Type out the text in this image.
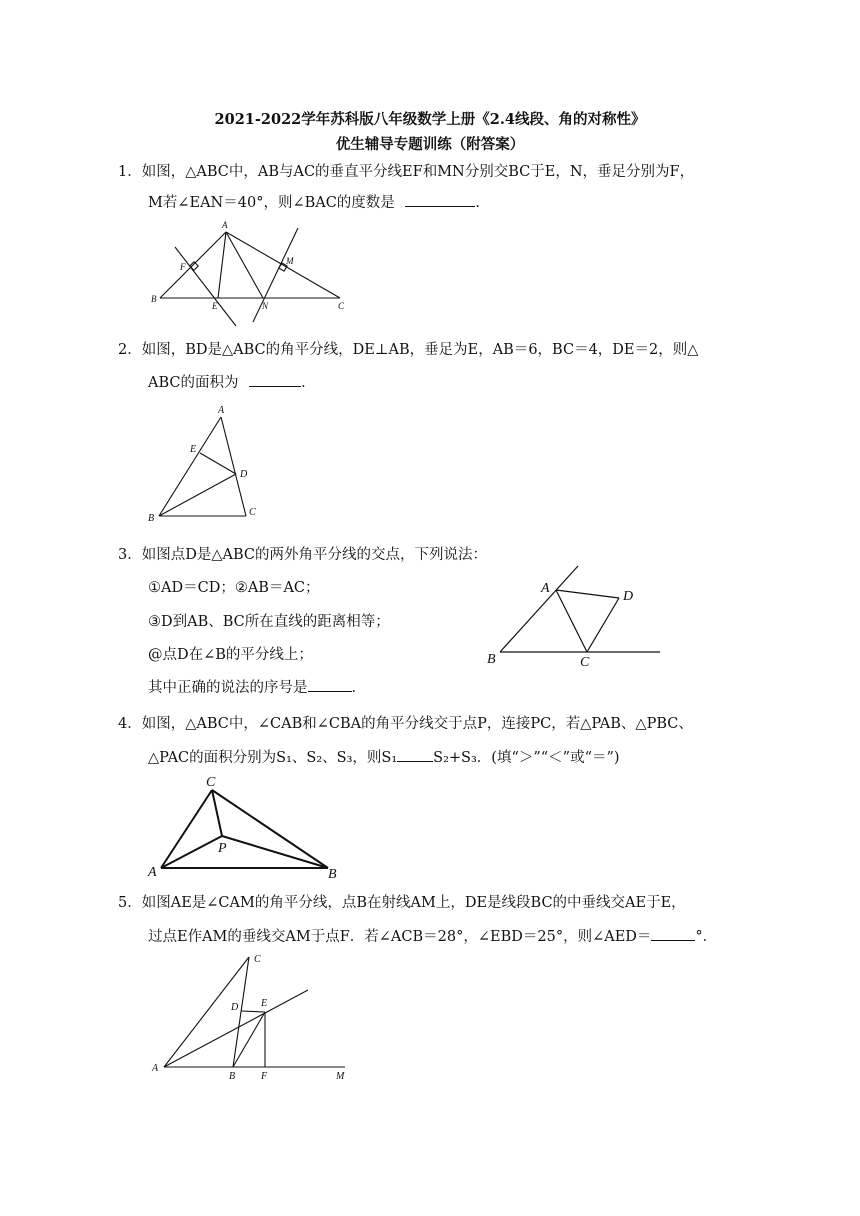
2021-2022学年苏科版八年级数学上册《2.4线段、角的对称性》
优生辅导专题训练（附答案）
1．如图，△ABC中，AB与AC的垂直平分线EF和MN分别交BC于E，N，垂足分别为F，
M若∠EAN＝40°，则∠BAC的度数是	．
A
B
C
E
F
M
N
2．如图，BD是△ABC的角平分线，DE⊥AB，垂足为E，AB＝6，BC＝4，DE＝2，则△
ABC的面积为	．
A
B
C
D
E
3．如图点D是△ABC的两外角平分线的交点，下列说法：
①AD＝CD；②AB＝AC；
③D到AB、BC所在直线的距离相等；
@点D在∠B的平分线上；
其中正确的说法的序号是	．
A
B	C
D
4．如图，△ABC中，∠CAB和∠CBA的角平分线交于点P，连接PC，若△PAB、△PBC、
△PAC的面积分别为S₁、S₂、S₃，则S₁ S₂+S₃．(填“＞”“＜”或“＝”)
A	B
C
P
5．如图AE是∠CAM的角平分线，点B在射线AM上，DE是线段BC的中垂线交AE于E，
过点E作AM的垂线交AM于点F．若∠ACB＝28°，∠EBD＝25°，则∠AED＝	°．
A
B
C
D E
F	M
